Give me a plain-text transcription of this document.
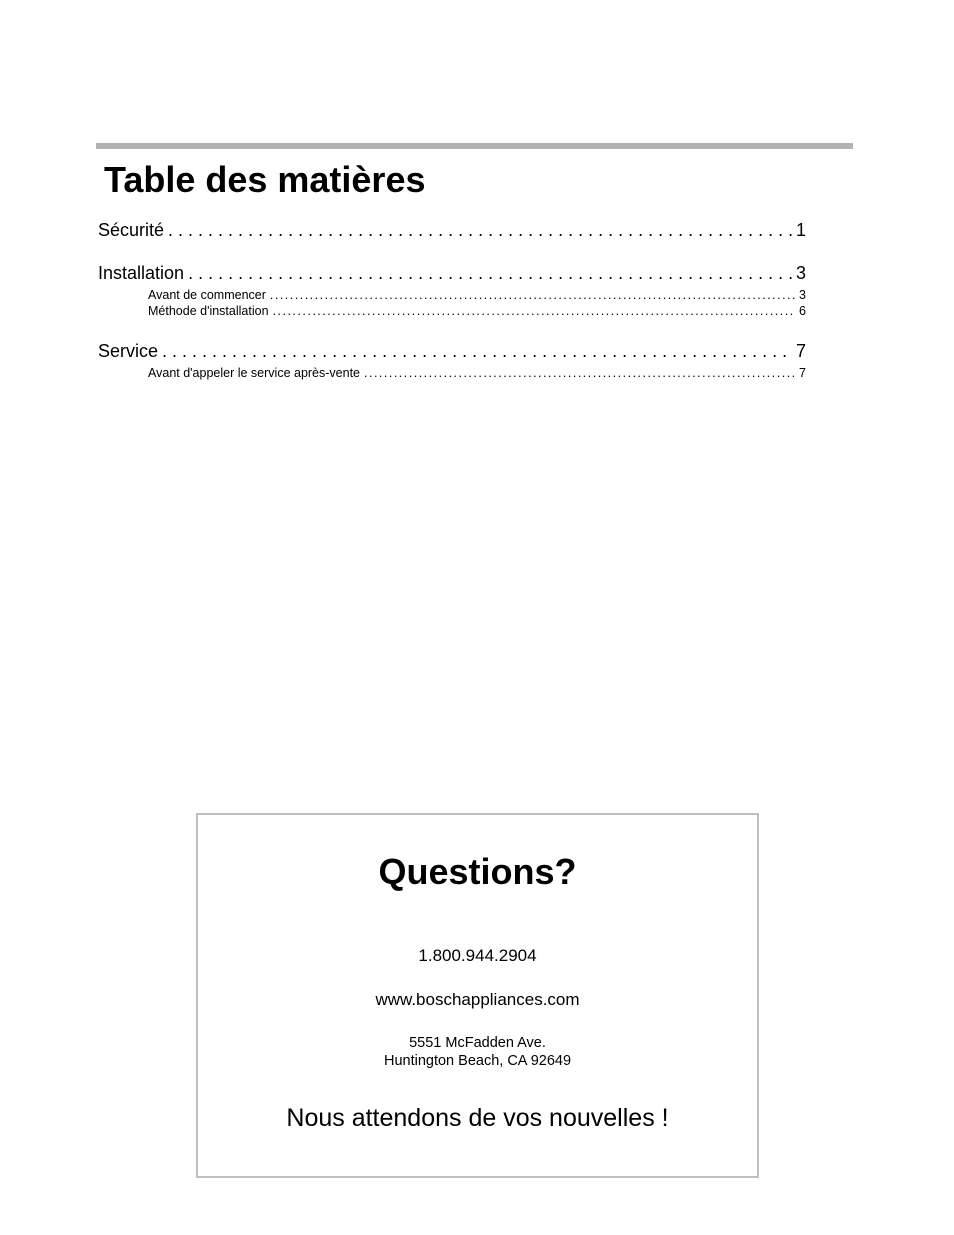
Table des matières
Sécurité . . .	1
Installation . . .	3
Avant de commencer .....	3
Méthode d'installation .....	6
Service . . .	7
Avant d'appeler le service après-vente .....	7
Questions?
1.800.944.2904
www.boschappliances.com
5551 McFadden Ave.
Huntington Beach, CA 92649
Nous attendons de vos nouvelles !
